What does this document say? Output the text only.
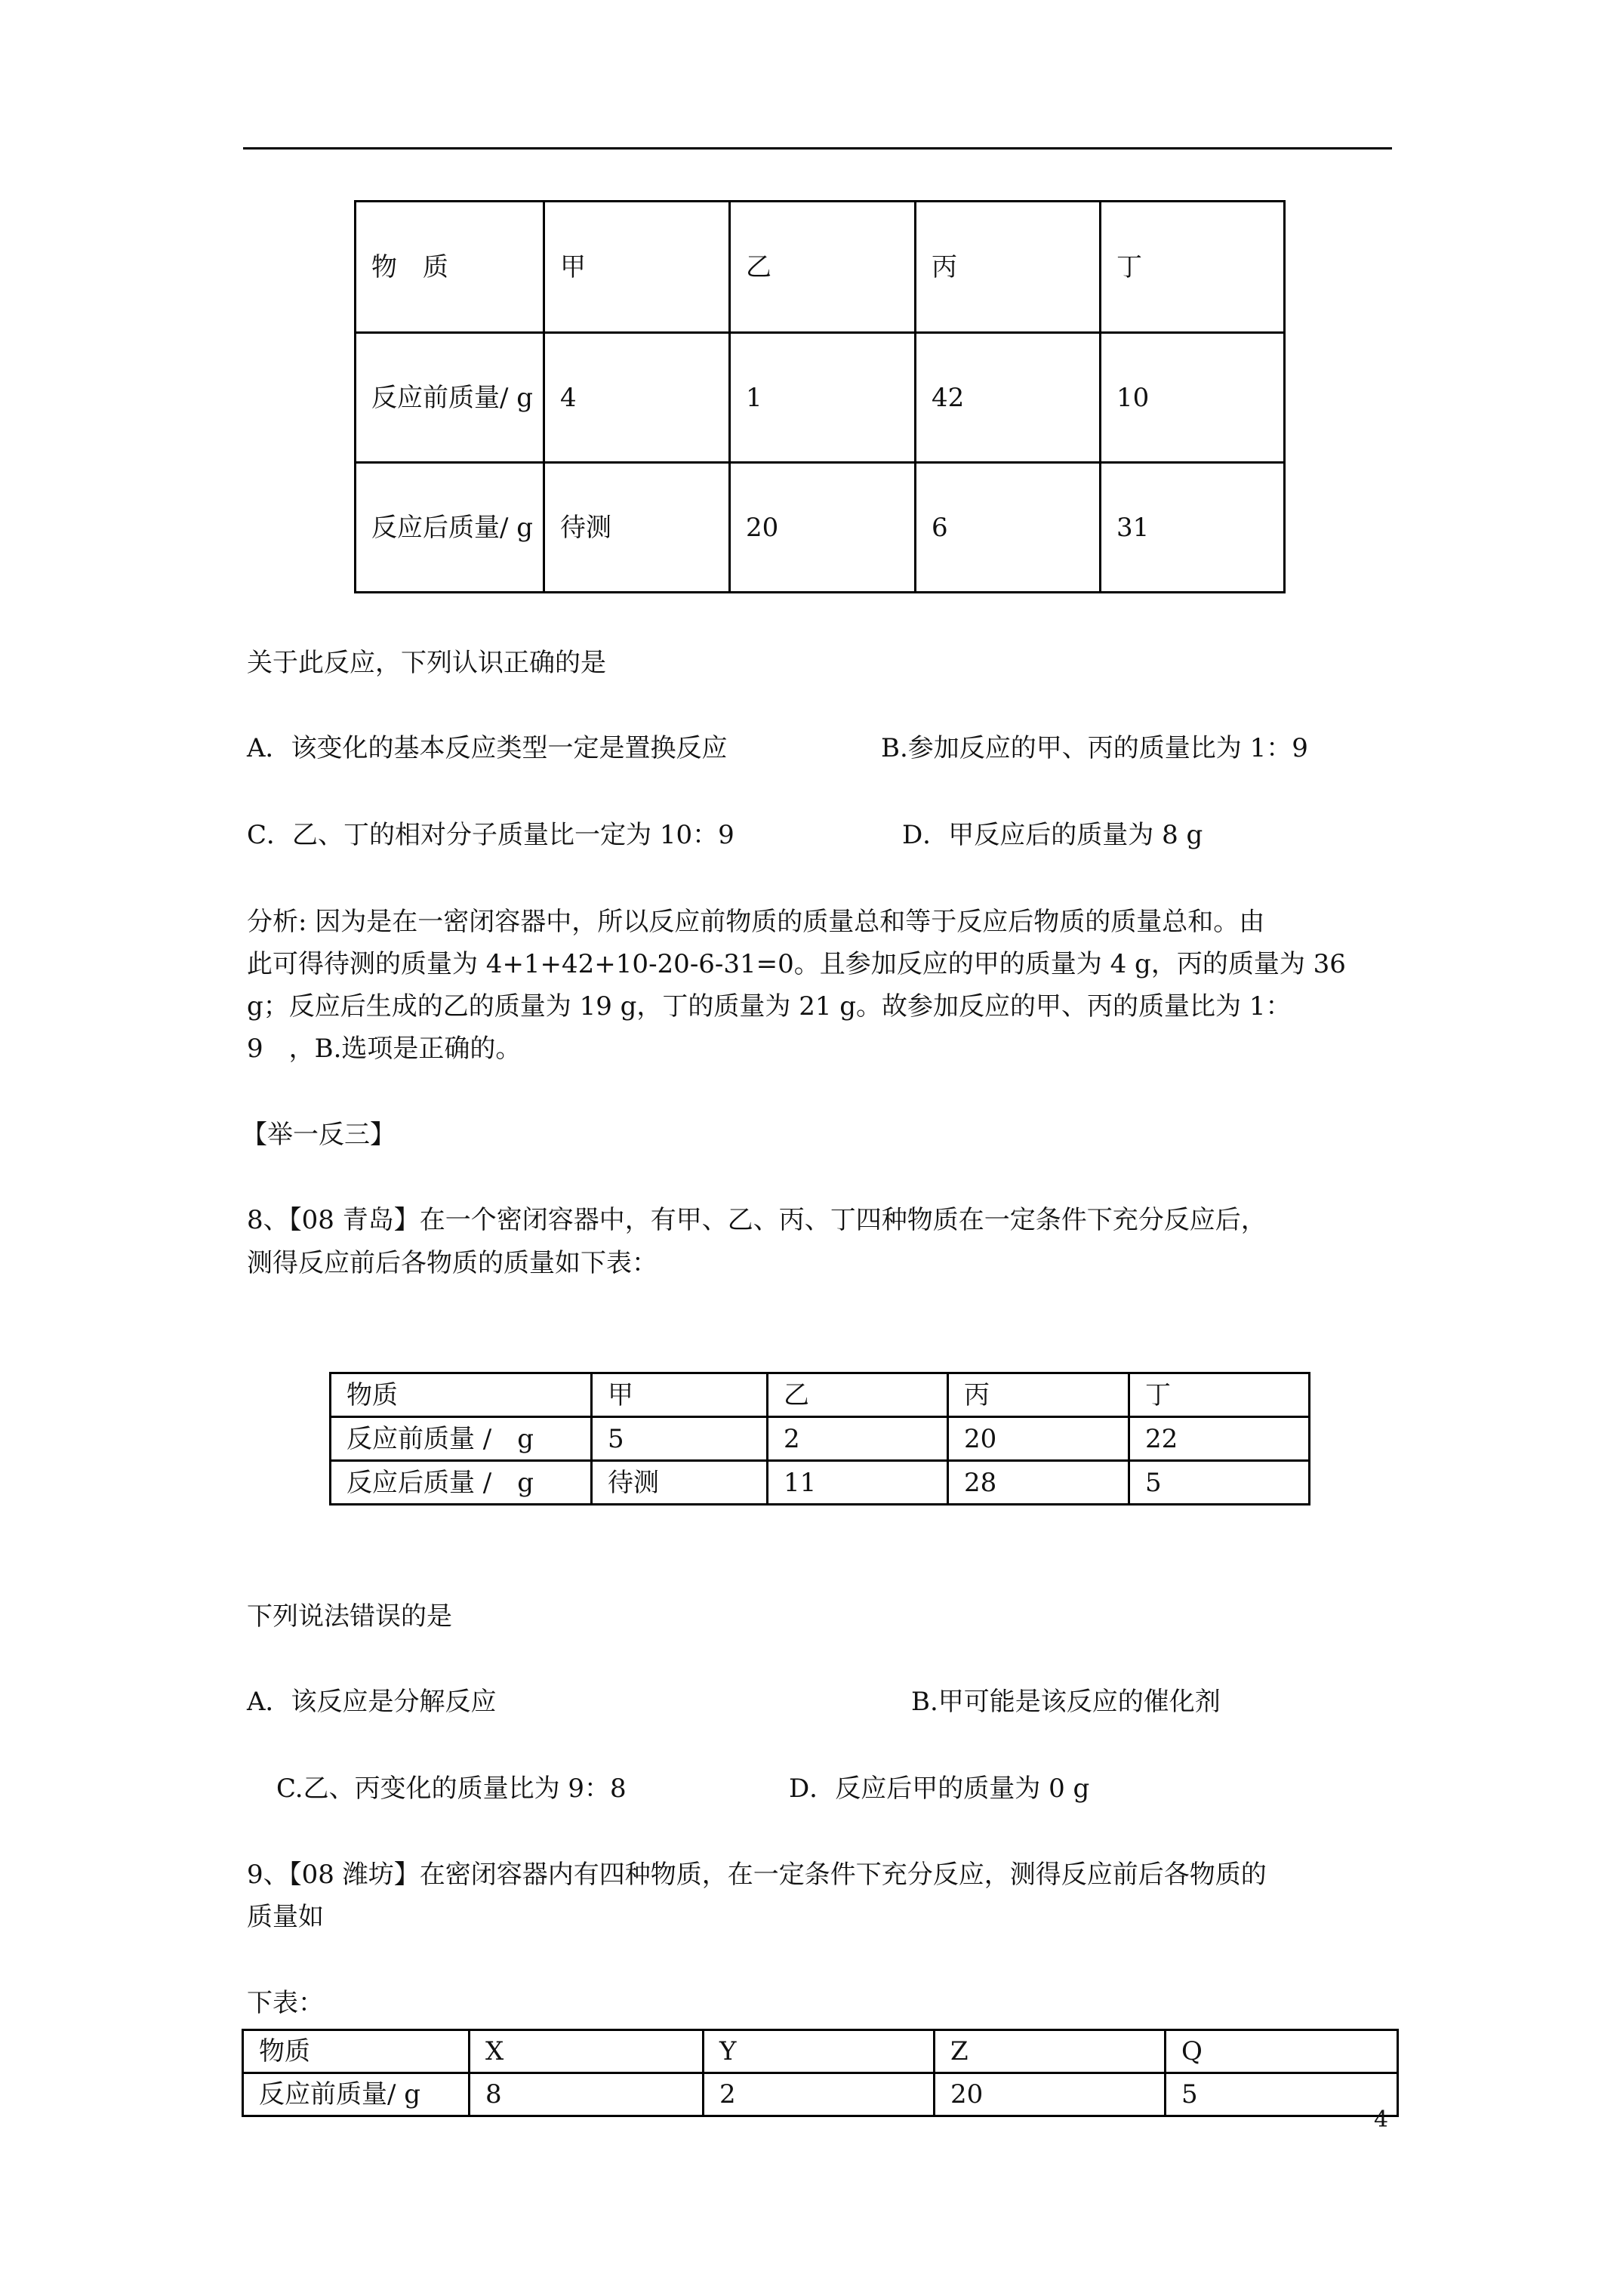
物　质	甲	乙	丙	丁
反应前质量/ g	4	1	42	10
反应后质量/ g	待测	20	6	31
关于此反应，下列认识正确的是
A．该变化的基本反应类型一定是置换反应	B.参加反应的甲、丙的质量比为 1：9
C．乙、丁的相对分子质量比一定为 10：9	D．甲反应后的质量为 8 g
分析: 因为是在一密闭容器中，所以反应前物质的质量总和等于反应后物质的质量总和。由
此可得待测的质量为 4+1+42+10-20-6-31=0。且参加反应的甲的质量为 4 g，丙的质量为 36
g；反应后生成的乙的质量为 19 g，丁的质量为 21 g。故参加反应的甲、丙的质量比为 1：
9　，B.选项是正确的。
【举一反三】
8、【08 青岛】在一个密闭容器中，有甲、乙、丙、丁四种物质在一定条件下充分反应后，
测得反应前后各物质的质量如下表：
物质	甲	乙	丙	丁
反应前质量 /　g	5	2	20	22
反应后质量 /　g	待测	11	28	5
下列说法错误的是
A．该反应是分解反应	B.甲可能是该反应的催化剂
C.乙、丙变化的质量比为 9：8	D．反应后甲的质量为 0 g
9、【08 潍坊】在密闭容器内有四种物质，在一定条件下充分反应，测得反应前后各物质的
质量如
下表：
物质	X	Y	Z	Q
反应前质量/ g	8	2	20	5
4
